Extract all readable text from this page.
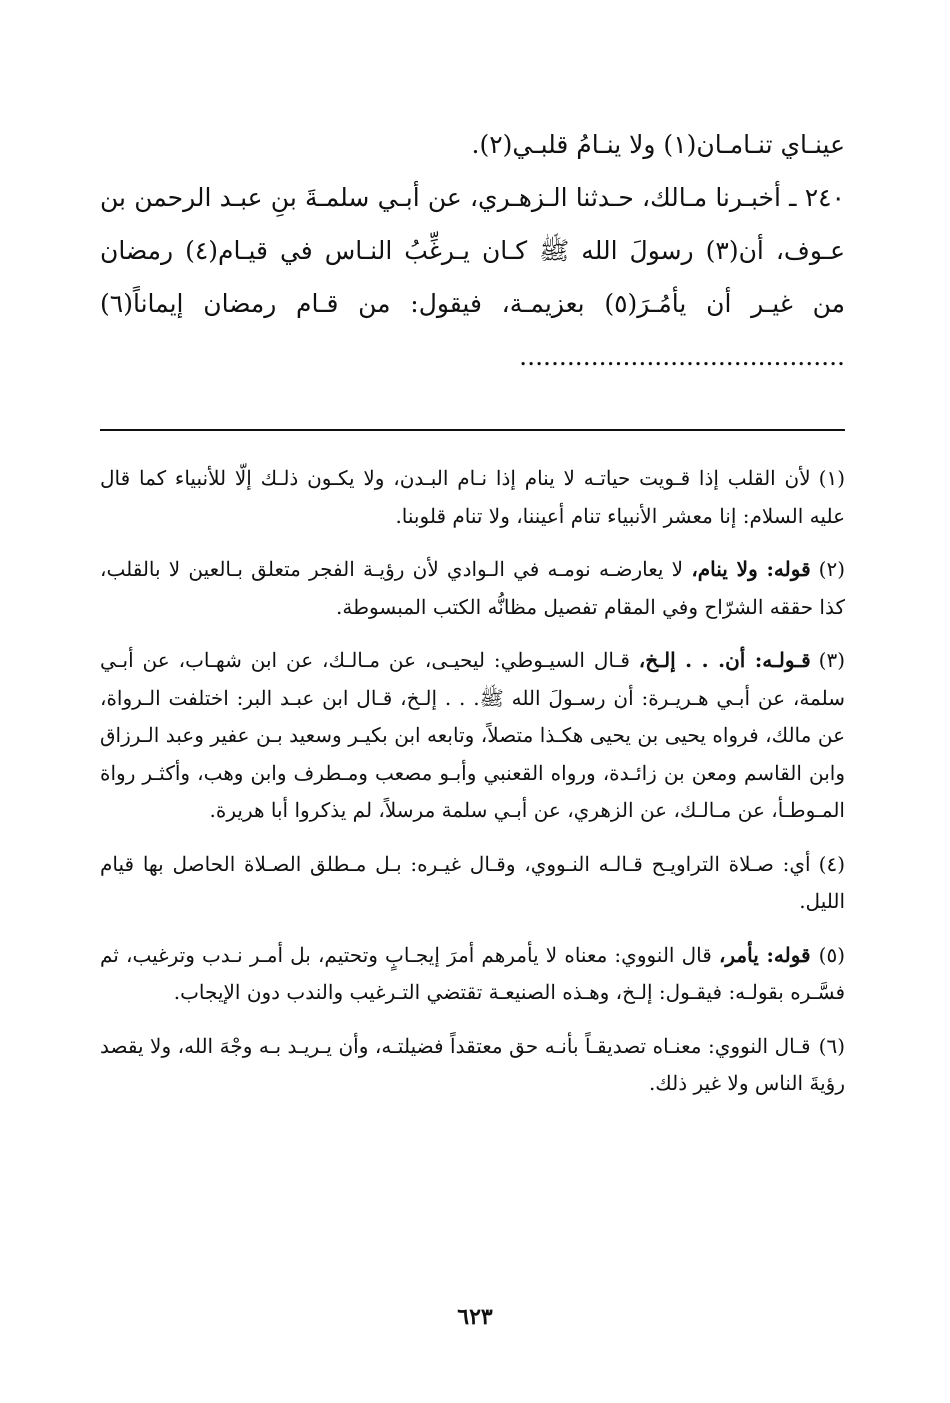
عينـاي تنـامـان(١) ولا ينـامُ قلبـي(٢).

٢٤٠ ـ أخبـرنا مـالك، حـدثنا الـزهـري، عن أبـي سلمـةَ بنِ عبـد الرحمن بن عـوف، أن(٣) رسولَ الله ﷺ كـان يـرغِّبُ النـاس في قيـام(٤) رمضان من غيـر أن يأمُـرَ(٥) بعزيمـة، فيقول: من قـام رمضان إيماناً(٦) .........................................

(١)لأن القلب إذا قـويت حياتـه لا ينام إذا نـام البـدن، ولا يكـون ذلـك إلّا للأنبياء كما قال عليه السلام: إنا معشر الأنبياء تنام أعيننا، ولا تنام قلوبنا.

(٢)قوله: ولا ينام، لا يعارضـه نومـه في الـوادي لأن رؤيـة الفجر متعلق بـالعين لا بالقلب، كذا حققه الشرّاح وفي المقام تفصيل مظانُّه الكتب المبسوطة.

(٣)قـولـه: أن. . . إلـخ، قـال السيـوطي: ليحيـى، عن مـالـك، عن ابن شهـاب، عن أبـي سلمة، عن أبـي هـريـرة: أن رسـولَ الله ﷺ. . . إلـخ، قـال ابن عبـد البر: اختلفت الـرواة، عن مالك، فرواه يحيى بن يحيى هكـذا متصلاً، وتابعه ابن بكيـر وسعيد بـن عفير وعبد الـرزاق وابن القاسم ومعن بن زائـدة، ورواه القعنبي وأبـو مصعب ومـطرف وابن وهب، وأكثـر رواة المـوطـأ، عن مـالـك، عن الزهري، عن أبـي سلمة مرسلاً، لم يذكروا أبا هريرة.

(٤)أي: صـلاة التراويـح قـالـه النـووي، وقـال غيـره: بـل مـطلق الصـلاة الحاصل بها قيام الليل.

(٥)قوله: يأمر، قال النووي: معناه لا يأمرهم أمرَ إيجـابٍ وتحتيم، بل أمـر نـدب وترغيب، ثم فسَّـره بقولـه: فيقـول: إلـخ، وهـذه الصنيعـة تقتضي التـرغيب والندب دون الإيجاب.

(٦)قـال النووي: معنـاه تصديقـاً بأنـه حق معتقداً فضيلتـه، وأن يـريـد بـه وجْهَ الله، ولا يقصد رؤيةَ الناس ولا غير ذلك.

٦٢٣
